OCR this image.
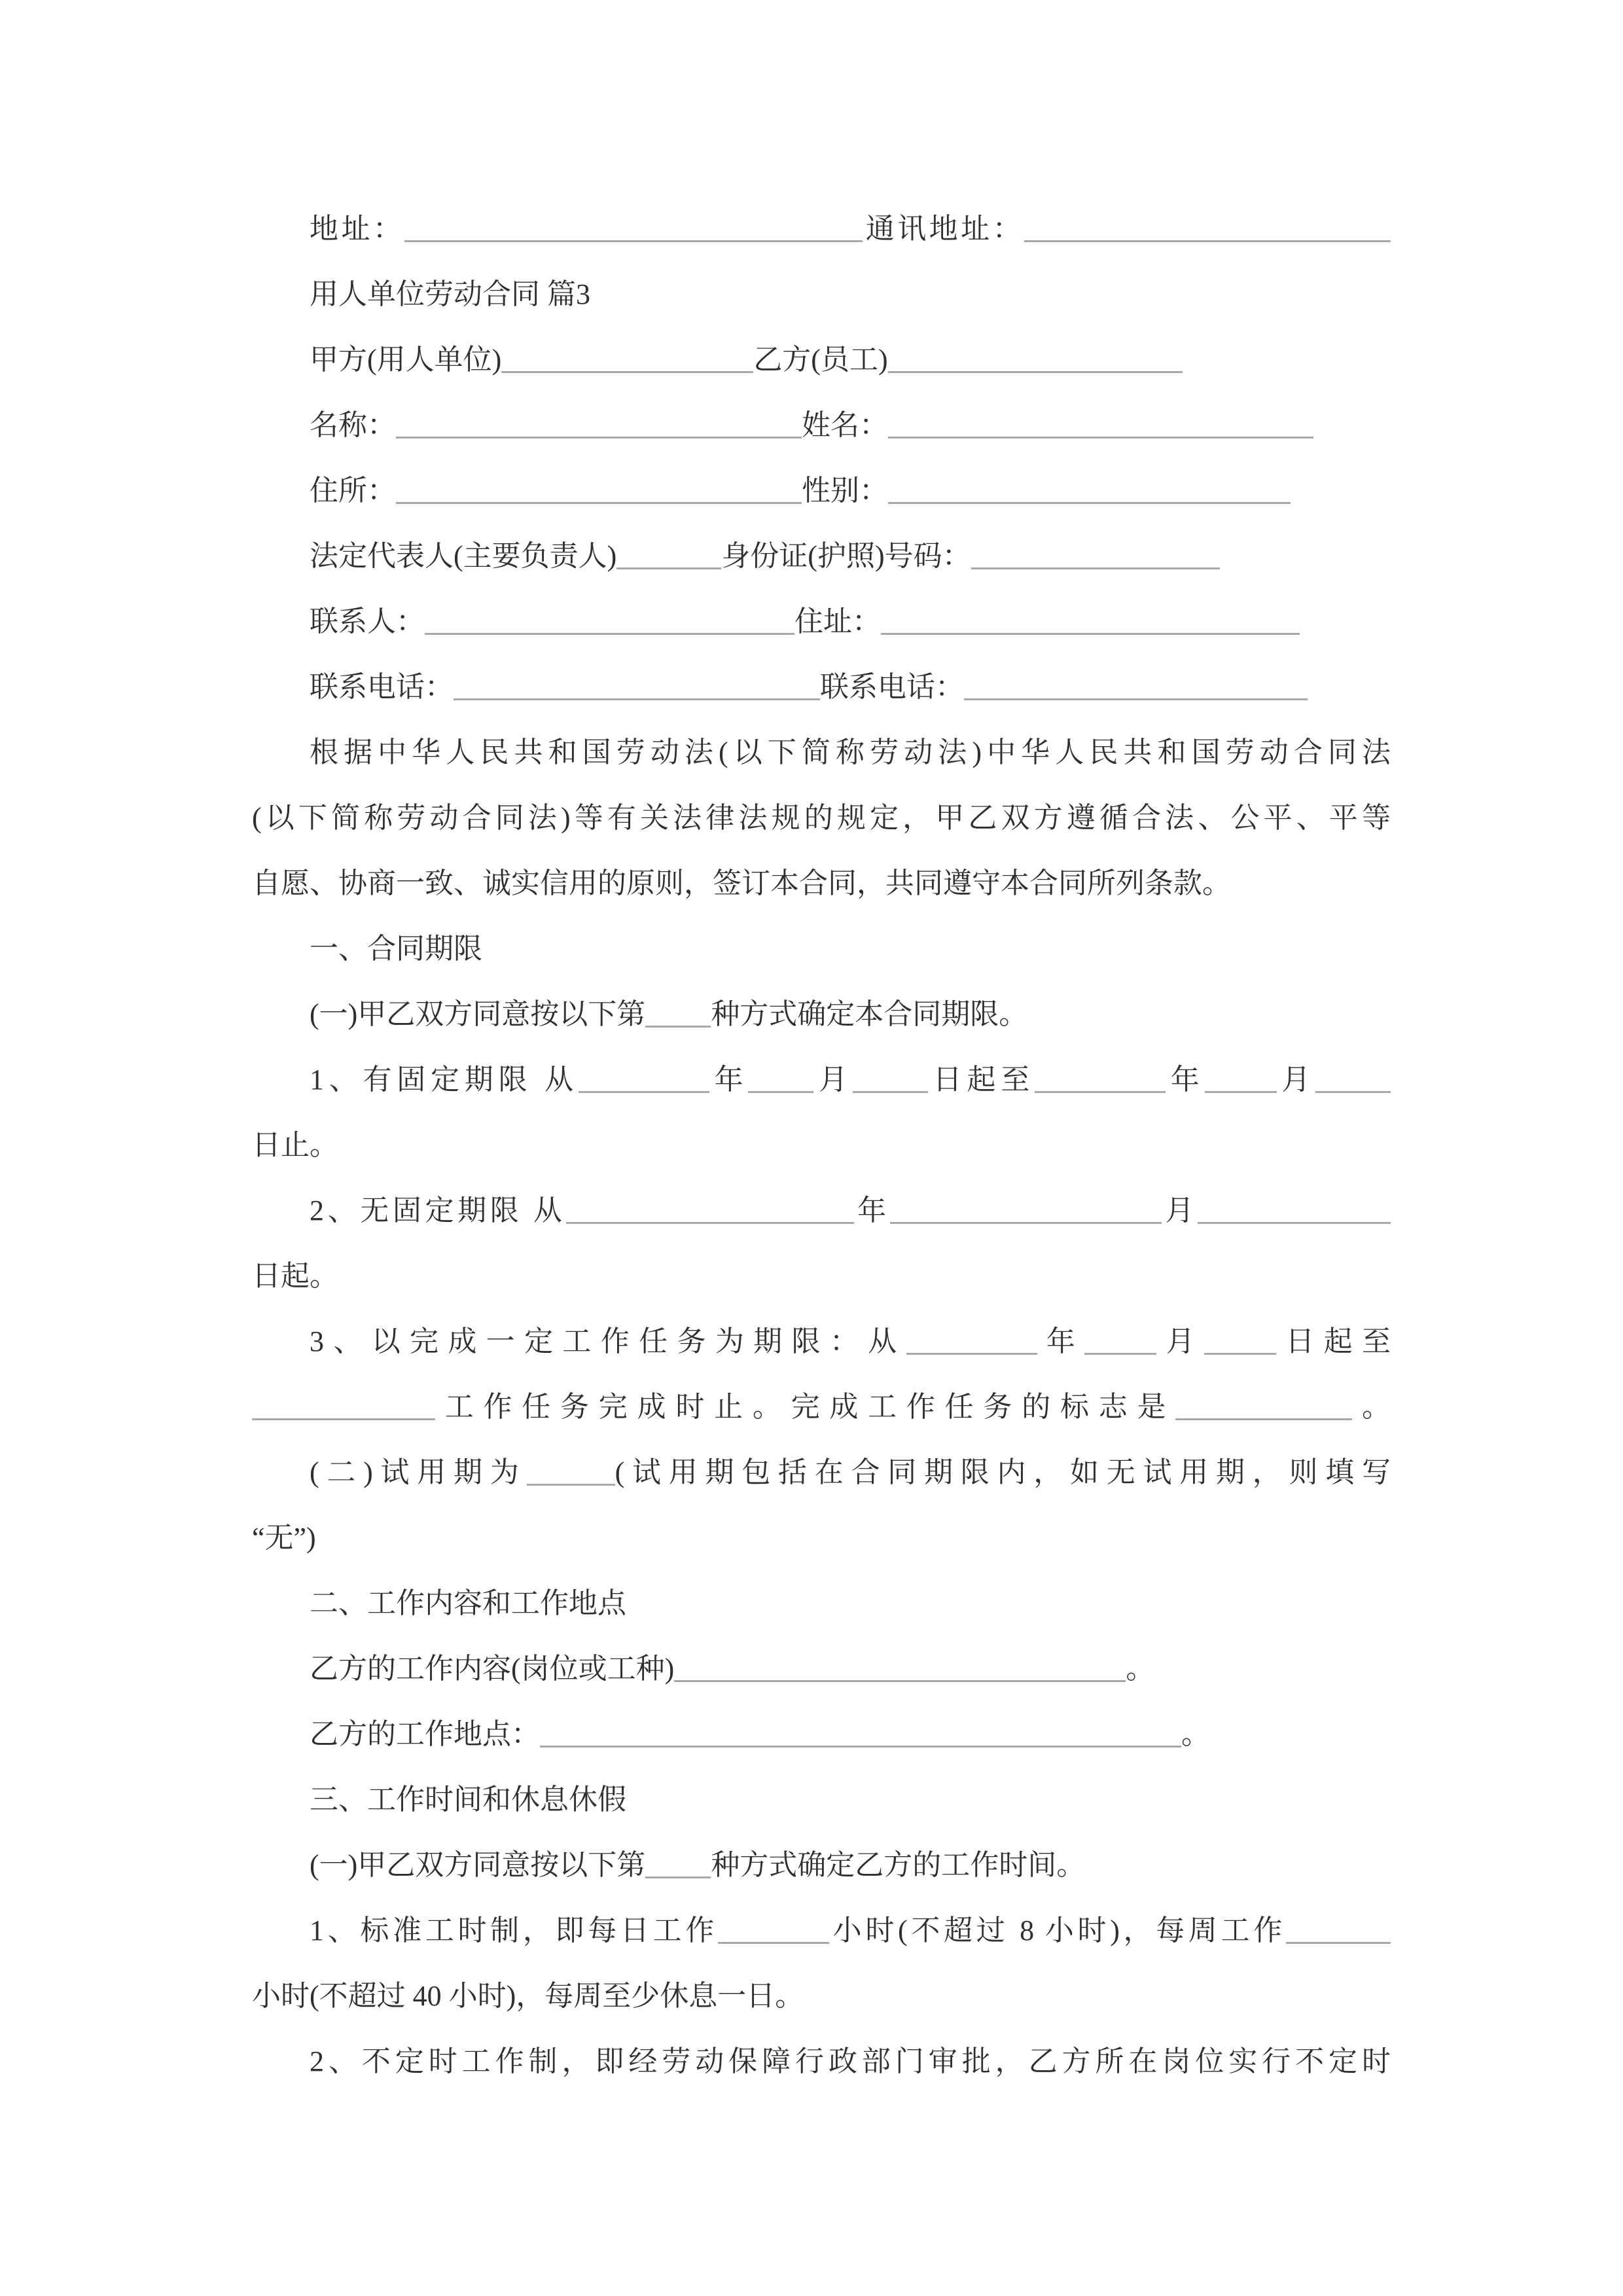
地址：	通讯地址：
用人单位劳动合同 篇3
甲方(用人单位)	乙方(员工)
名称：	姓名：
住所：	性别：
法定代表人(主要负责人)	身份证(护照)号码：
联系人：	住址：
联系电话：	联系电话：
根据中华人民共和国劳动法(以下简称劳动法)中华人民共和国劳动合同法
(以下简称劳动合同法)等有关法律法规的规定，甲乙双方遵循合法、公平、平等
自愿、协商一致、诚实信用的原则，签订本合同，共同遵守本合同所列条款。
一、合同期限
(一)甲乙双方同意按以下第 种方式确定本合同期限。
1、有固定期限 从	年 月	日起至	年	月
日止。
2、无固定期限 从	年	月
日起。
3、以完成一定工作任务为期限：从	年	月	日起至
工作任务完成时止。完成工作任务的标志是	。
(二)试用期为	(试用期包括在合同期限内，如无试用期，则填写
“无”)
二、工作内容和工作地点
乙方的工作内容(岗位或工种)	。
乙方的工作地点：	。
三、工作时间和休息休假
(一)甲乙双方同意按以下第 种方式确定乙方的工作时间。
1、标准工时制，即每日工作	小时(不超过 8 小时)，每周工作
小时(不超过 40 小时)，每周至少休息一日。
2、不定时工作制，即经劳动保障行政部门审批，乙方所在岗位实行不定时
